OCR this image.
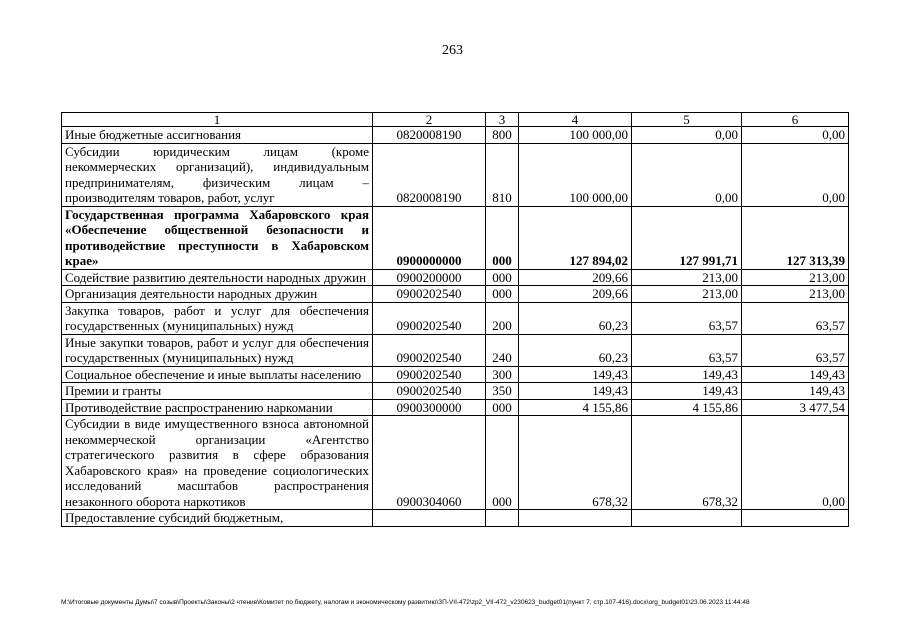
263
1	2	3	4	5	6
Иные бюджетные ассигнования	0820008190	800	100 000,00	0,00	0,00
Субсидии юридическим лицам (кроме некоммерческих организаций), индивидуальным предпринимателям, физическим лицам – производителям товаров, работ, услуг	0820008190	810	100 000,00	0,00	0,00
Государственная программа Хабаровского края «Обеспечение общественной безопасности и противодействие преступности в Хабаровском крае»	0900000000	000	127 894,02	127 991,71	127 313,39
Содействие развитию деятельности народных дружин	0900200000	000	209,66	213,00	213,00
Организация деятельности народных дружин	0900202540	000	209,66	213,00	213,00
Закупка товаров, работ и услуг для обеспечения государственных (муниципальных) нужд	0900202540	200	60,23	63,57	63,57
Иные закупки товаров, работ и услуг для обеспечения государственных (муниципальных) нужд	0900202540	240	60,23	63,57	63,57
Социальное обеспечение и иные выплаты населению	0900202540	300	149,43	149,43	149,43
Премии и гранты	0900202540	350	149,43	149,43	149,43
Противодействие распространению наркомании	0900300000	000	4 155,86	4 155,86	3 477,54
Субсидии в виде имущественного взноса автономной некоммерческой организации «Агентство стратегического развития в сфере образования Хабаровского края» на проведение социологических исследований масштабов распространения незаконного оборота наркотиков	0900304060	000	678,32	678,32	0,00
Предоставление субсидий бюджетным,					
M:\Итоговые документы Думы\7 созыв\Проекты\Законы\2 чтение\Комитет по бюджету, налогам и экономическому развитию\ЗП-VII-472\zp2_VII-472_v230623_budget01(пункт 7, стр.107-416).docx\org_budget01\23.06.2023 11:44:48
